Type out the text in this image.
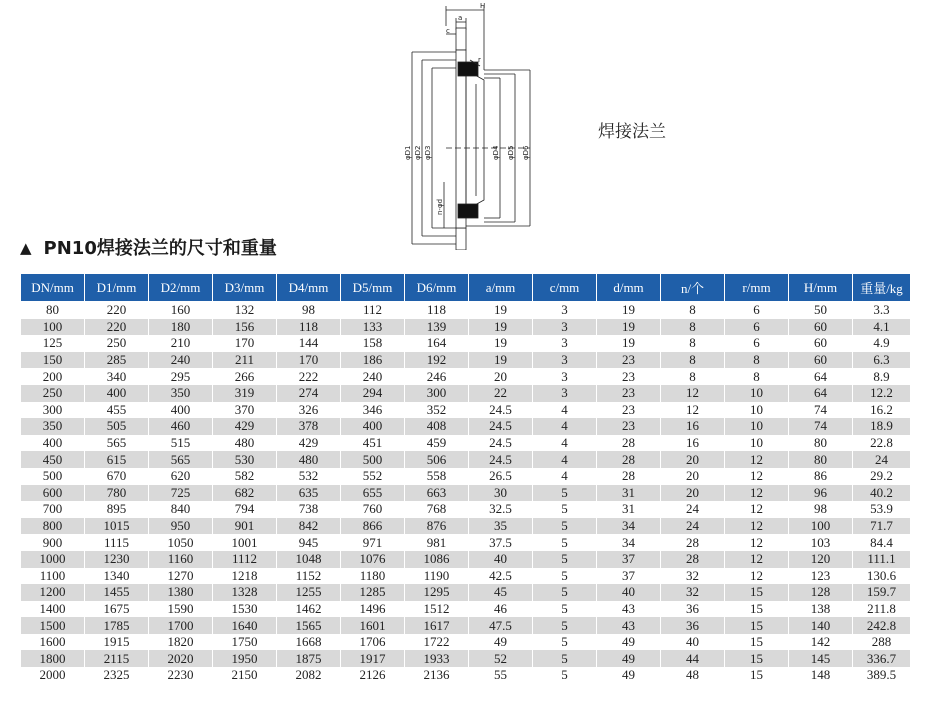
H
a
c
r
φD1 φD2 φD3
n-φd
φD4 φD5 φD6
焊接法兰
▲ PN10焊接法兰的尺寸和重量
DN/mm	D1/mm	D2/mm	D3/mm	D4/mm	D5/mm	D6/mm	a/mm	c/mm	d/mm	n/个	r/mm	H/mm	重量/kg
80	220	160	132	98	112	118	19	3	19	8	6	50	3.3
100	220	180	156	118	133	139	19	3	19	8	6	60	4.1
125	250	210	170	144	158	164	19	3	19	8	6	60	4.9
150	285	240	211	170	186	192	19	3	23	8	8	60	6.3
200	340	295	266	222	240	246	20	3	23	8	8	64	8.9
250	400	350	319	274	294	300	22	3	23	12	10	64	12.2
300	455	400	370	326	346	352	24.5	4	23	12	10	74	16.2
350	505	460	429	378	400	408	24.5	4	23	16	10	74	18.9
400	565	515	480	429	451	459	24.5	4	28	16	10	80	22.8
450	615	565	530	480	500	506	24.5	4	28	20	12	80	24
500	670	620	582	532	552	558	26.5	4	28	20	12	86	29.2
600	780	725	682	635	655	663	30	5	31	20	12	96	40.2
700	895	840	794	738	760	768	32.5	5	31	24	12	98	53.9
800	1015	950	901	842	866	876	35	5	34	24	12	100	71.7
900	1115	1050	1001	945	971	981	37.5	5	34	28	12	103	84.4
1000	1230	1160	1112	1048	1076	1086	40	5	37	28	12	120	111.1
1100	1340	1270	1218	1152	1180	1190	42.5	5	37	32	12	123	130.6
1200	1455	1380	1328	1255	1285	1295	45	5	40	32	15	128	159.7
1400	1675	1590	1530	1462	1496	1512	46	5	43	36	15	138	211.8
1500	1785	1700	1640	1565	1601	1617	47.5	5	43	36	15	140	242.8
1600	1915	1820	1750	1668	1706	1722	49	5	49	40	15	142	288
1800	2115	2020	1950	1875	1917	1933	52	5	49	44	15	145	336.7
2000	2325	2230	2150	2082	2126	2136	55	5	49	48	15	148	389.5
